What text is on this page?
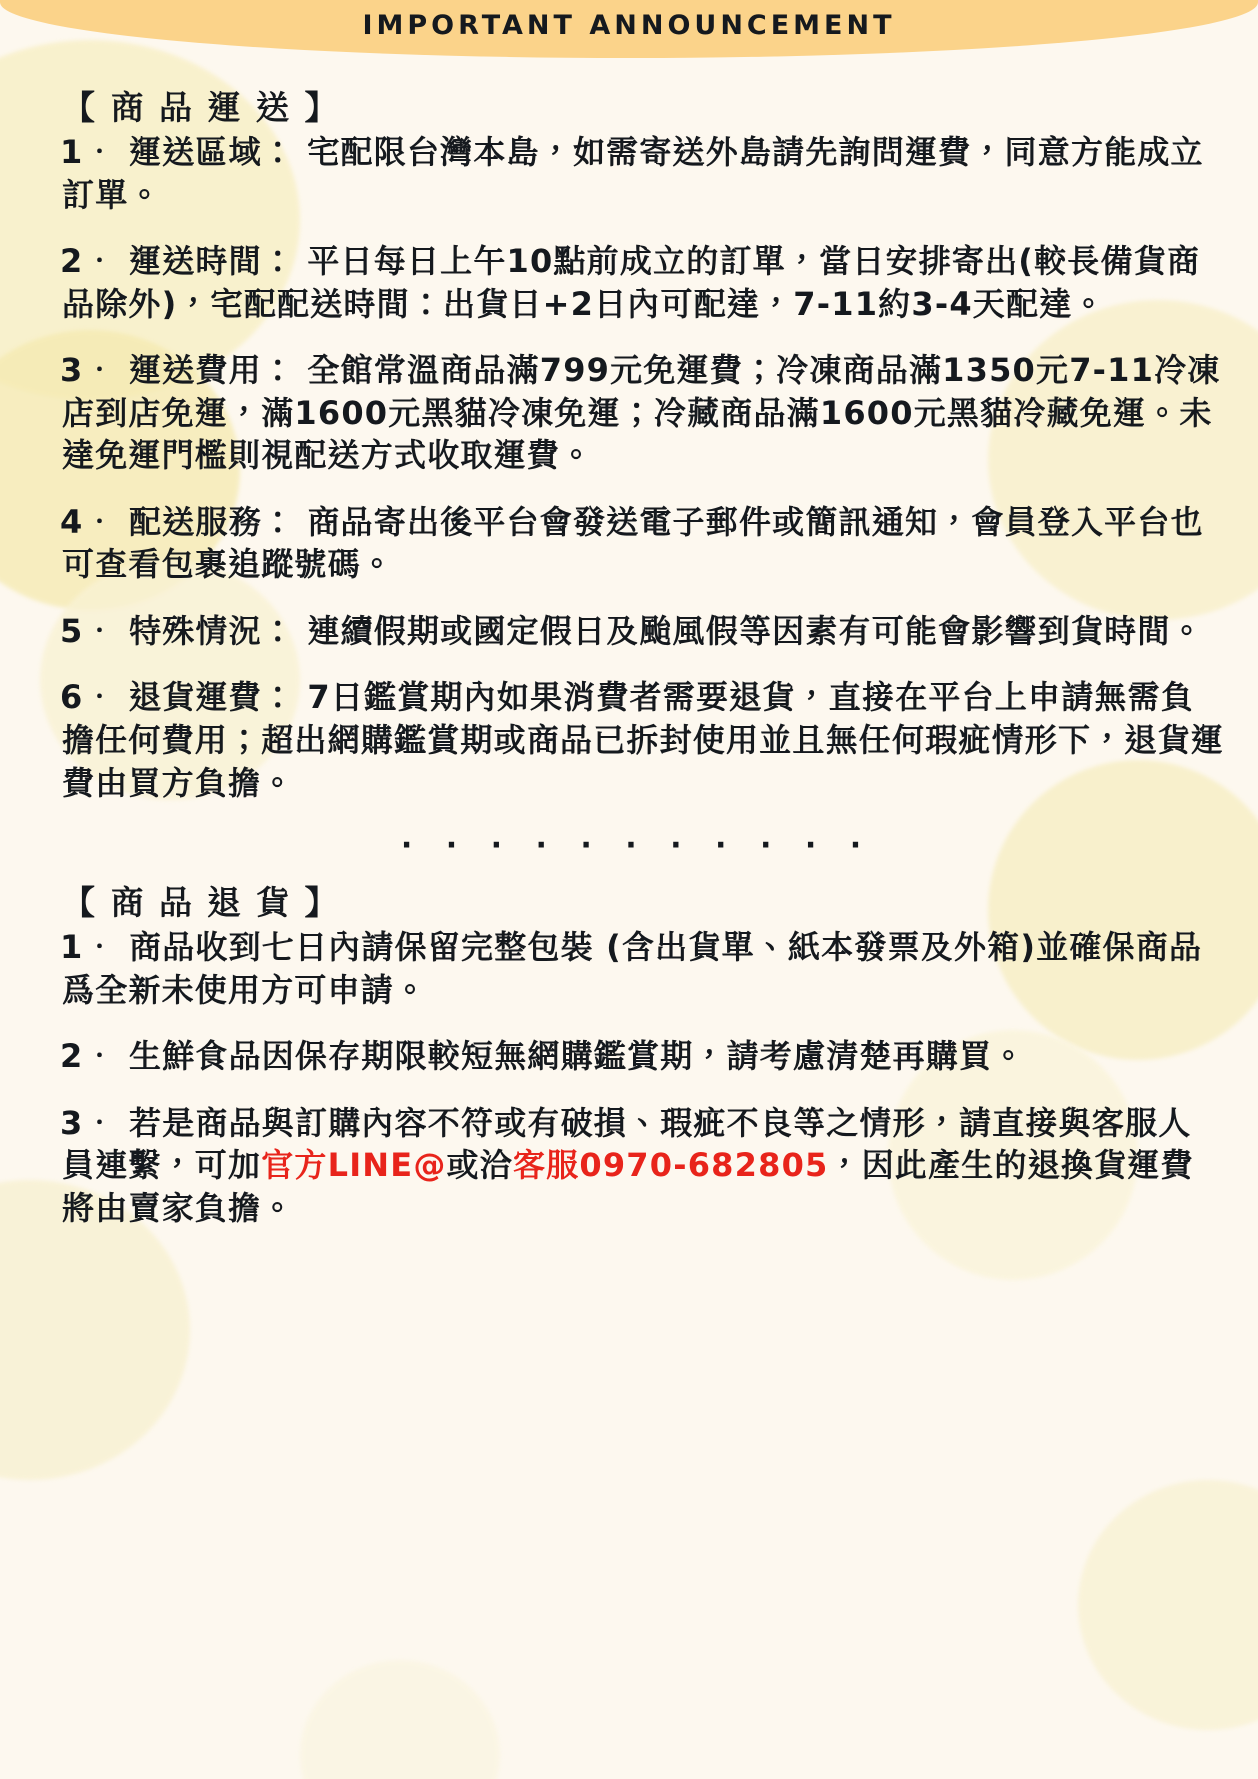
IMPORTANT ANNOUNCEMENT
【 商 品 運 送 】

1． 運送區域： 宅配限台灣本島，如需寄送外島請先詢問運費，同意方能成立訂單。

2． 運送時間： 平日每日上午10點前成立的訂單，當日安排寄出(較長備貨商品除外)，宅配配送時間：出貨日+2日內可配達，7-11約3-4天配達。

3． 運送費用： 全館常溫商品滿799元免運費；冷凍商品滿1350元7-11冷凍店到店免運，滿1600元黑貓冷凍免運；冷藏商品滿1600元黑貓冷藏免運。未達免運門檻則視配送方式收取運費。

4． 配送服務： 商品寄出後平台會發送電子郵件或簡訊通知，會員登入平台也可查看包裹追蹤號碼。

5． 特殊情況： 連續假期或國定假日及颱風假等因素有可能會影響到貨時間。

6． 退貨運費： 7日鑑賞期內如果消費者需要退貨，直接在平台上申請無需負擔任何費用；超出網購鑑賞期或商品已拆封使用並且無任何瑕疵情形下，退貨運費由買方負擔。

‧ ‧ ‧ ‧ ‧ ‧ ‧ ‧ ‧ ‧ ‧
【 商 品 退 貨 】

1． 商品收到七日內請保留完整包裝 (含出貨單、紙本發票及外箱)並確保商品爲全新未使用方可申請。

2． 生鮮食品因保存期限較短無網購鑑賞期，請考慮清楚再購買。

3． 若是商品與訂購內容不符或有破損、瑕疵不良等之情形，請直接與客服人員連繫，可加官方LINE@或洽客服0970-682805，因此產生的退換貨運費將由賣家負擔。
